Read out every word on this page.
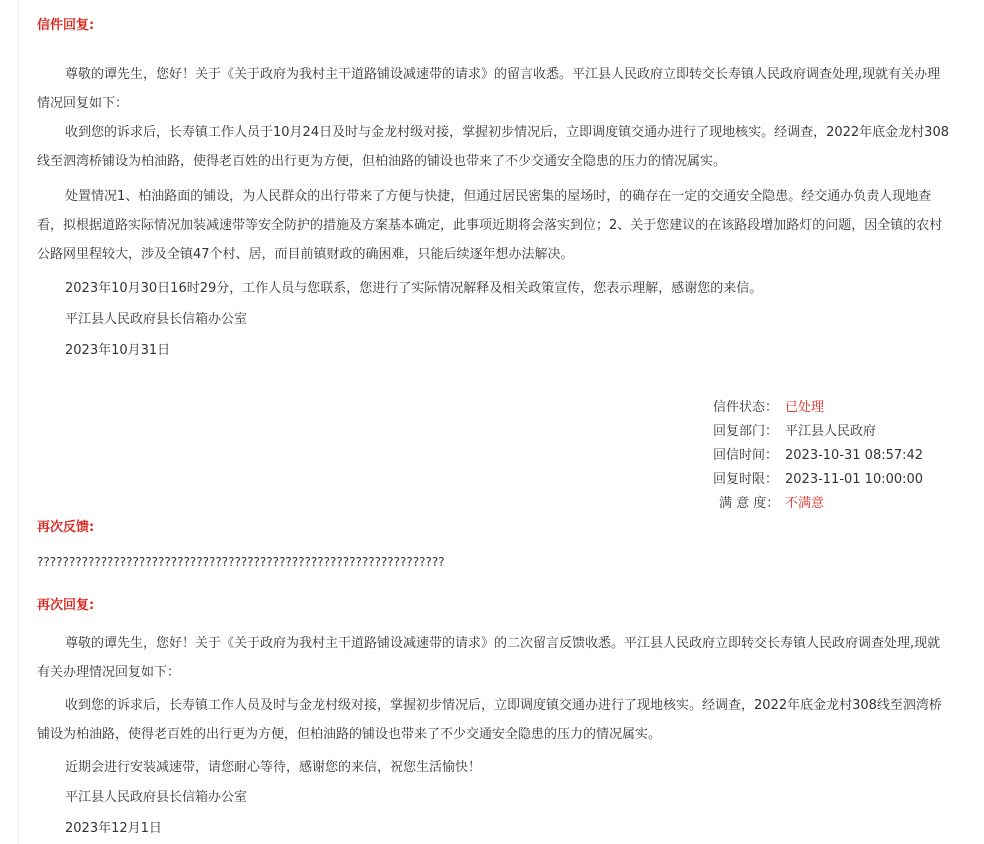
信件回复:

尊敬的谭先生，您好！关于《关于政府为我村主干道路铺设减速带的请求》的留言收悉。平江县人民政府立即转交长寿镇人民政府调查处理,现就有关办理情况回复如下：

收到您的诉求后，长寿镇工作人员于10月24日及时与金龙村级对接，掌握初步情况后，立即调度镇交通办进行了现地核实。经调查，2022年底金龙村308线至泗湾桥铺设为柏油路，使得老百姓的出行更为方便，但柏油路的铺设也带来了不少交通安全隐患的压力的情况属实。

处置情况1、柏油路面的铺设，为人民群众的出行带来了方便与快捷，但通过居民密集的屋场时，的确存在一定的交通安全隐患。经交通办负责人现地查看，拟根据道路实际情况加装减速带等安全防护的措施及方案基本确定，此事项近期将会落实到位；2、关于您建议的在该路段增加路灯的问题，因全镇的农村公路网里程较大，涉及全镇47个村、居，而目前镇财政的确困难，只能后续逐年想办法解决。

2023年10月30日16时29分，工作人员与您联系，您进行了实际情况解释及相关政策宣传，您表示理解，感谢您的来信。

平江县人民政府县长信箱办公室
2023年10月31日
信件状态： 已处理
回复部门： 平江县人民政府
回信时间： 2023-10-31 08:57:42
回复时限： 2023-11-01 10:00:00
满 意 度： 不满意
再次反馈:
????????????????????????????????????????????????????????????????
再次回复:

尊敬的谭先生，您好！关于《关于政府为我村主干道路铺设减速带的请求》的二次留言反馈收悉。平江县人民政府立即转交长寿镇人民政府调查处理,现就有关办理情况回复如下：

收到您的诉求后，长寿镇工作人员及时与金龙村级对接，掌握初步情况后，立即调度镇交通办进行了现地核实。经调查，2022年底金龙村308线至泗湾桥铺设为柏油路，使得老百姓的出行更为方便，但柏油路的铺设也带来了不少交通安全隐患的压力的情况属实。

近期会进行安装减速带，请您耐心等待，感谢您的来信，祝您生活愉快！

平江县人民政府县长信箱办公室
2023年12月1日
